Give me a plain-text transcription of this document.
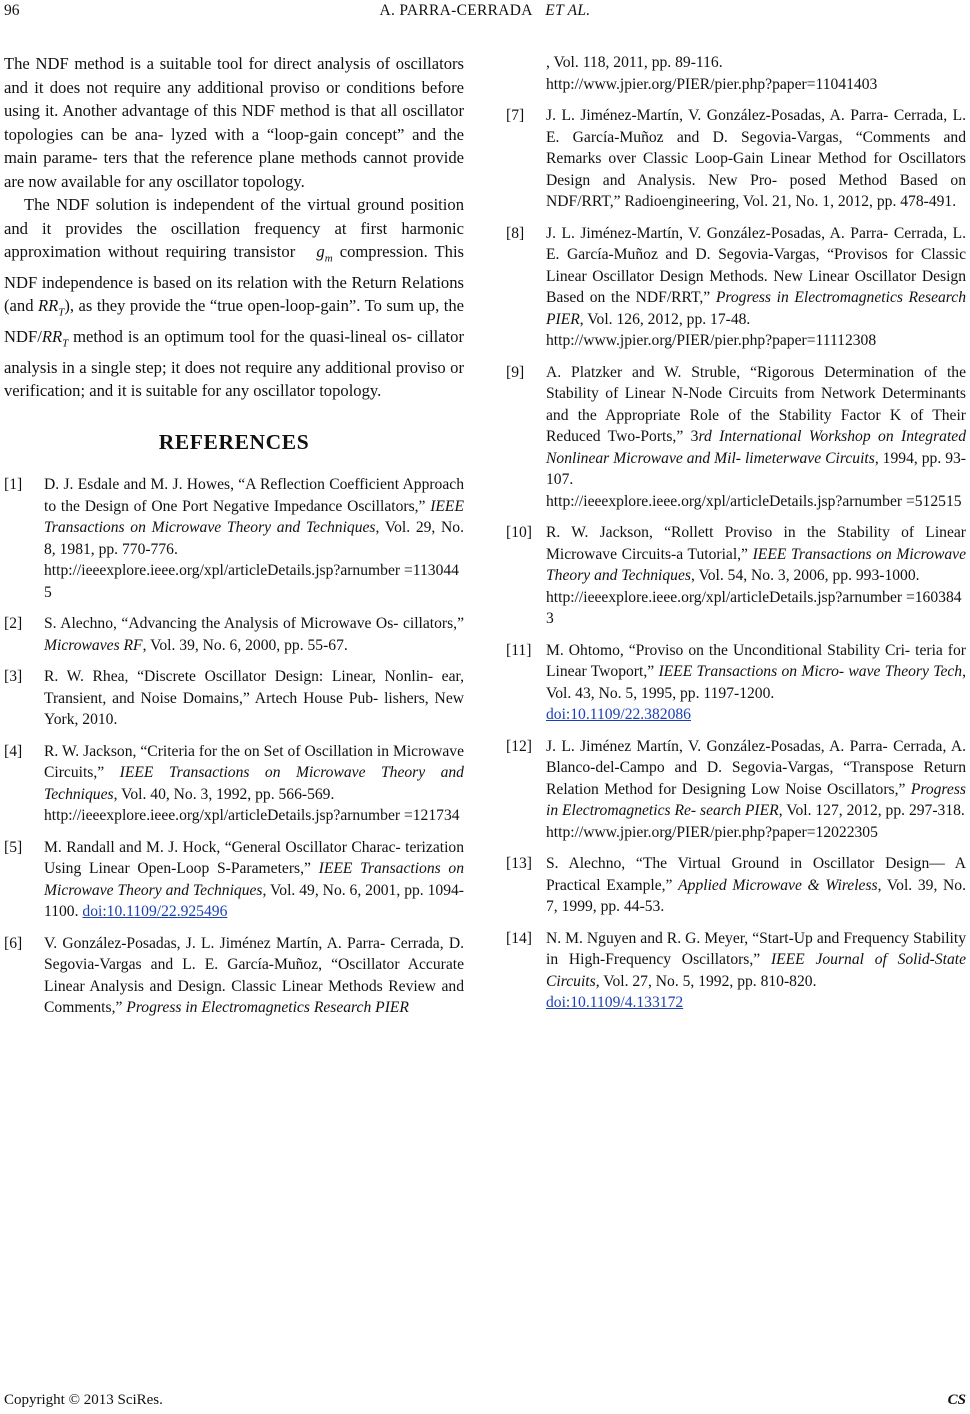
96	A. PARRA-CERRADA ET AL.

The NDF method is a suitable tool for direct analysis of oscillators and it does not require any additional proviso or conditions before using it. Another advantage of this NDF method is that all oscillator topologies can be ana- lyzed with a “loop-gain concept” and the main parame- ters that the reference plane methods cannot provide are now available for any oscillator topology.

The NDF solution is independent of the virtual ground position and it provides the oscillation frequency at first harmonic approximation without requiring transistor   $g_m$ compression. This NDF independence is based on its relation with the Return Relations (and $RR_T$), as they provide the “true open-loop-gain”. To sum up, the NDF/$RR_T$ method is an optimum tool for the quasi-lineal os- cillator analysis in a single step; it does not require any additional proviso or verification; and it is suitable for any oscillator topology.

REFERENCES
[1]	D. J. Esdale and M. J. Howes, “A Reflection Coefficient Approach to the Design of One Port Negative Impedance Oscillators,” IEEE Transactions on Microwave Theory and Techniques, Vol. 29, No. 8, 1981, pp. 770-776.
http://ieeexplore.ieee.org/xpl/articleDetails.jsp?arnumber =1130445
[2]	S. Alechno, “Advancing the Analysis of Microwave Os- cillators,” Microwaves RF, Vol. 39, No. 6, 2000, pp. 55-67.
[3]	R. W. Rhea, “Discrete Oscillator Design: Linear, Nonlin- ear, Transient, and Noise Domains,” Artech House Pub- lishers, New York, 2010.
[4]	R. W. Jackson, “Criteria for the on Set of Oscillation in Microwave Circuits,” IEEE Transactions on Microwave Theory and Techniques, Vol. 40, No. 3, 1992, pp. 566-569.
http://ieeexplore.ieee.org/xpl/articleDetails.jsp?arnumber =121734
[5]	M. Randall and M. J. Hock, “General Oscillator Charac- terization Using Linear Open-Loop S-Parameters,” IEEE Transactions on Microwave Theory and Techniques, Vol. 49, No. 6, 2001, pp. 1094-1100. doi:10.1109/22.925496
[6]	V. González-Posadas, J. L. Jiménez Martín, A. Parra- Cerrada, D. Segovia-Vargas and L. E. García-Muñoz, “Oscillator Accurate Linear Analysis and Design. Classic Linear Methods Review and Comments,” Progress in Electromagnetics Research PIER
, Vol. 118, 2011, pp. 89-116.
http://www.jpier.org/PIER/pier.php?paper=11041403
[7]	J. L. Jiménez-Martín, V. González-Posadas, A. Parra- Cerrada, L. E. García-Muñoz and D. Segovia-Vargas, “Comments and Remarks over Classic Loop-Gain Linear Method for Oscillators Design and Analysis. New Pro- posed Method Based on NDF/RRT,” Radioengineering, Vol. 21, No. 1, 2012, pp. 478-491.
[8]	J. L. Jiménez-Martín, V. González-Posadas, A. Parra- Cerrada, L. E. García-Muñoz and D. Segovia-Vargas, “Provisos for Classic Linear Oscillator Design Methods. New Linear Oscillator Design Based on the NDF/RRT,” Progress in Electromagnetics Research PIER, Vol. 126, 2012, pp. 17-48.
http://www.jpier.org/PIER/pier.php?paper=11112308
[9]	A. Platzker and W. Struble, “Rigorous Determination of the Stability of Linear N-Node Circuits from Network Determinants and the Appropriate Role of the Stability Factor K of Their Reduced Two-Ports,” 3rd International Workshop on Integrated Nonlinear Microwave and Mil- limeterwave Circuits, 1994, pp. 93-107.
http://ieeexplore.ieee.org/xpl/articleDetails.jsp?arnumber =512515
[10] R. W. Jackson, “Rollett Proviso in the Stability of Linear Microwave Circuits-a Tutorial,” IEEE Transactions on Microwave Theory and Techniques, Vol. 54, No. 3, 2006, pp. 993-1000.
http://ieeexplore.ieee.org/xpl/articleDetails.jsp?arnumber =1603843
[11] M. Ohtomo, “Proviso on the Unconditional Stability Cri- teria for Linear Twoport,” IEEE Transactions on Micro- wave Theory Tech, Vol. 43, No. 5, 1995, pp. 1197-1200.
doi:10.1109/22.382086
[12] J. L. Jiménez Martín, V. González-Posadas, A. Parra- Cerrada, A. Blanco-del-Campo and D. Segovia-Vargas, “Transpose Return Relation Method for Designing Low Noise Oscillators,” Progress in Electromagnetics Re- search PIER, Vol. 127, 2012, pp. 297-318.
http://www.jpier.org/PIER/pier.php?paper=12022305
[13] S. Alechno, “The Virtual Ground in Oscillator Design— A Practical Example,” Applied Microwave & Wireless, Vol. 39, No. 7, 1999, pp. 44-53.
[14] N. M. Nguyen and R. G. Meyer, “Start-Up and Frequency Stability in High-Frequency Oscillators,” IEEE Journal of Solid-State Circuits, Vol. 27, No. 5, 1992, pp. 810-820.
doi:10.1109/4.133172
Copyright © 2013 SciRes.	CS
